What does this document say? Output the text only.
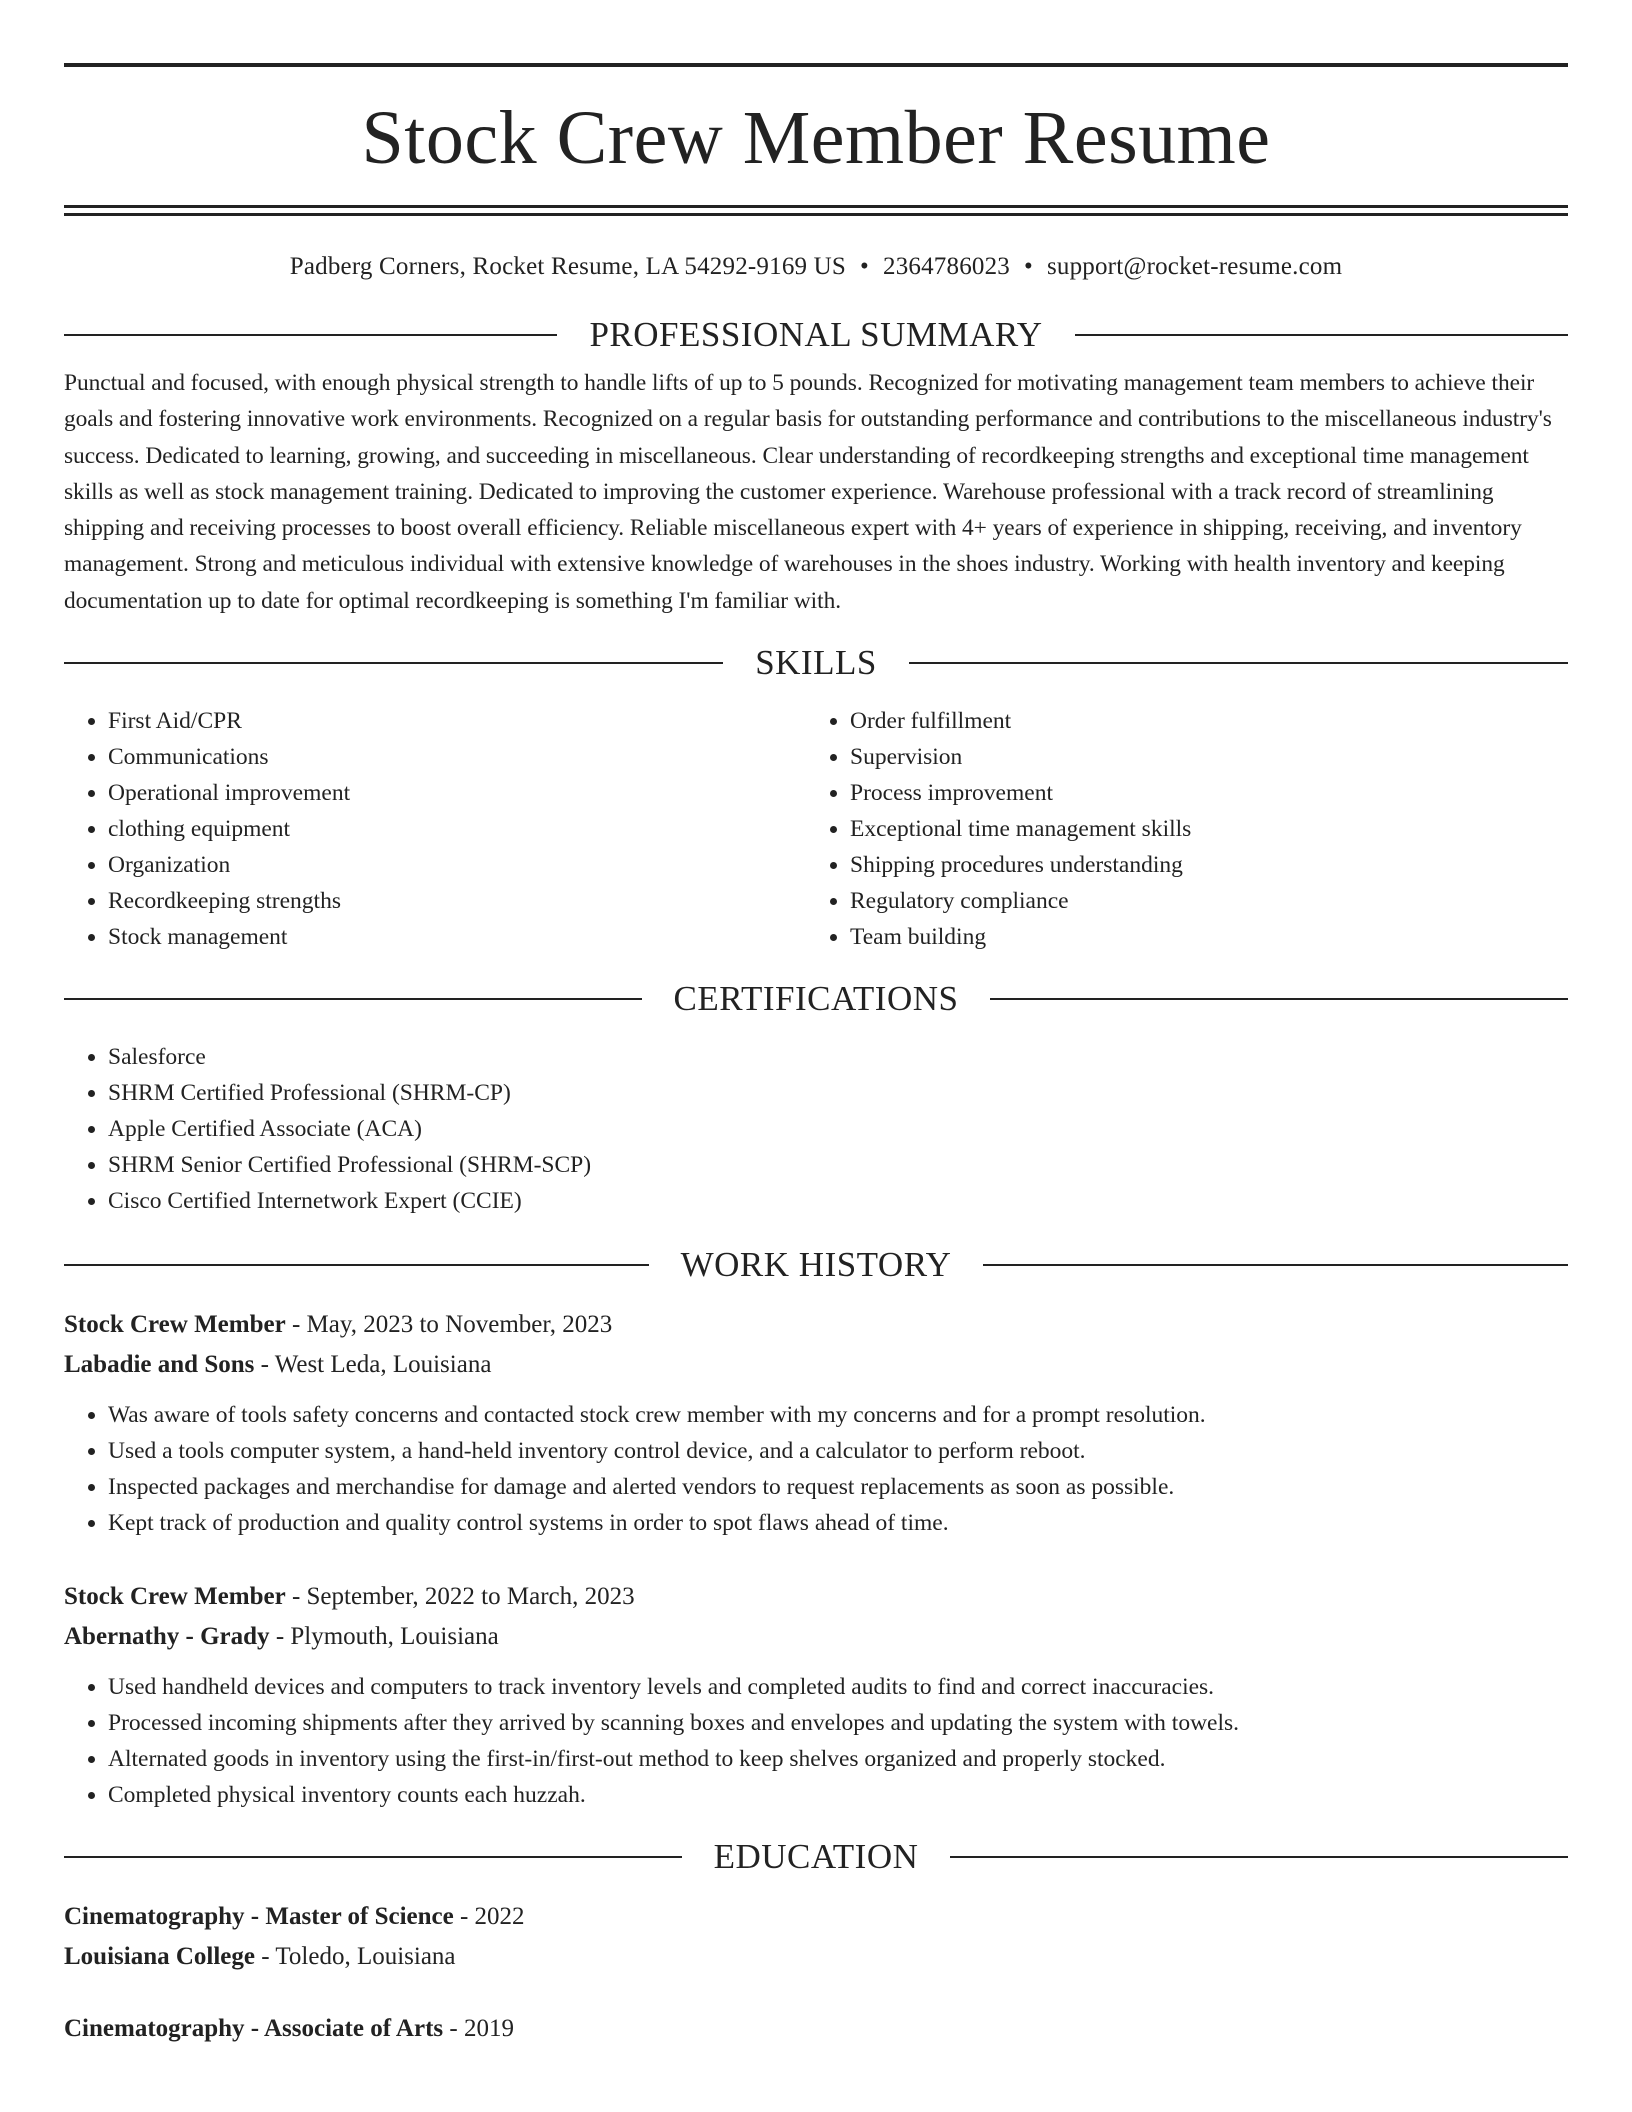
Stock Crew Member Resume
Padberg Corners, Rocket Resume, LA 54292-9169 US • 2364786023 • support@rocket-resume.com
PROFESSIONAL SUMMARY
Punctual and focused, with enough physical strength to handle lifts of up to 5 pounds. Recognized for motivating management team members to achieve their goals and fostering innovative work environments. Recognized on a regular basis for outstanding performance and contributions to the miscellaneous industry's success. Dedicated to learning, growing, and succeeding in miscellaneous. Clear understanding of recordkeeping strengths and exceptional time management skills as well as stock management training. Dedicated to improving the customer experience. Warehouse professional with a track record of streamlining shipping and receiving processes to boost overall efficiency. Reliable miscellaneous expert with 4+ years of experience in shipping, receiving, and inventory management. Strong and meticulous individual with extensive knowledge of warehouses in the shoes industry. Working with health inventory and keeping documentation up to date for optimal recordkeeping is something I'm familiar with.
SKILLS
• First Aid/CPR
• Communications
• Operational improvement
• clothing equipment
• Organization
• Recordkeeping strengths
• Stock management
• Order fulfillment
• Supervision
• Process improvement
• Exceptional time management skills
• Shipping procedures understanding
• Regulatory compliance
• Team building
CERTIFICATIONS
• Salesforce
• SHRM Certified Professional (SHRM-CP)
• Apple Certified Associate (ACA)
• SHRM Senior Certified Professional (SHRM-SCP)
• Cisco Certified Internetwork Expert (CCIE)
WORK HISTORY
Stock Crew Member - May, 2023 to November, 2023
Labadie and Sons - West Leda, Louisiana
• Was aware of tools safety concerns and contacted stock crew member with my concerns and for a prompt resolution.
• Used a tools computer system, a hand-held inventory control device, and a calculator to perform reboot.
• Inspected packages and merchandise for damage and alerted vendors to request replacements as soon as possible.
• Kept track of production and quality control systems in order to spot flaws ahead of time.
Stock Crew Member - September, 2022 to March, 2023
Abernathy - Grady - Plymouth, Louisiana
• Used handheld devices and computers to track inventory levels and completed audits to find and correct inaccuracies.
• Processed incoming shipments after they arrived by scanning boxes and envelopes and updating the system with towels.
• Alternated goods in inventory using the first-in/first-out method to keep shelves organized and properly stocked.
• Completed physical inventory counts each huzzah.
EDUCATION
Cinematography - Master of Science - 2022
Louisiana College - Toledo, Louisiana
Cinematography - Associate of Arts - 2019
